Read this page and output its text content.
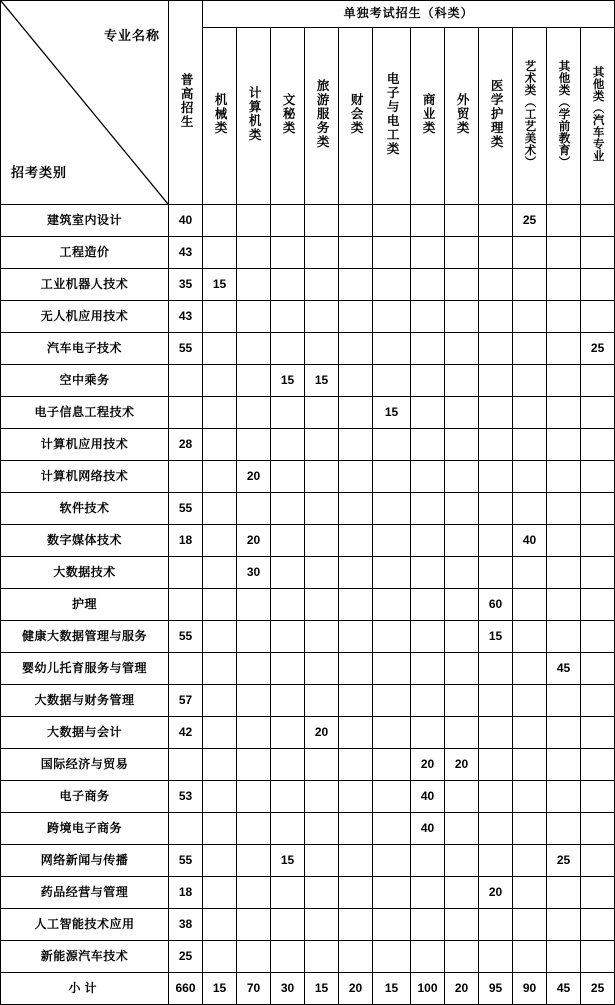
专业名称
招考类别	普高招生	单独考试招生（科类）											
		机械类	计算机类	文秘类	旅游服务类	财会类	电子与电工类	商业类	外贸类	医学护理类	艺术类（工艺美术）	其他类（学前教育）	其他类（汽车专业
建筑室内设计	40										25		
工程造价	43												
工业机器人技术	35	15											
无人机应用技术	43												
汽车电子技术	55												25
空中乘务				15	15								
电子信息工程技术							15						
计算机应用技术	28												
计算机网络技术			20										
软件技术	55												
数字媒体技术	18		20								40		
大数据技术			30										
护理										60			
健康大数据管理与服务	55									15			
婴幼儿托育服务与管理												45	
大数据与财务管理	57												
大数据与会计	42				20								
国际经济与贸易								20	20				
电子商务	53							40					
跨境电子商务								40					
网络新闻与传播	55			15								25	
药品经营与管理	18									20			
人工智能技术应用	38												
新能源汽车技术	25												
小计	660	15	70	30	15	20	15	100	20	95	90	45	25
